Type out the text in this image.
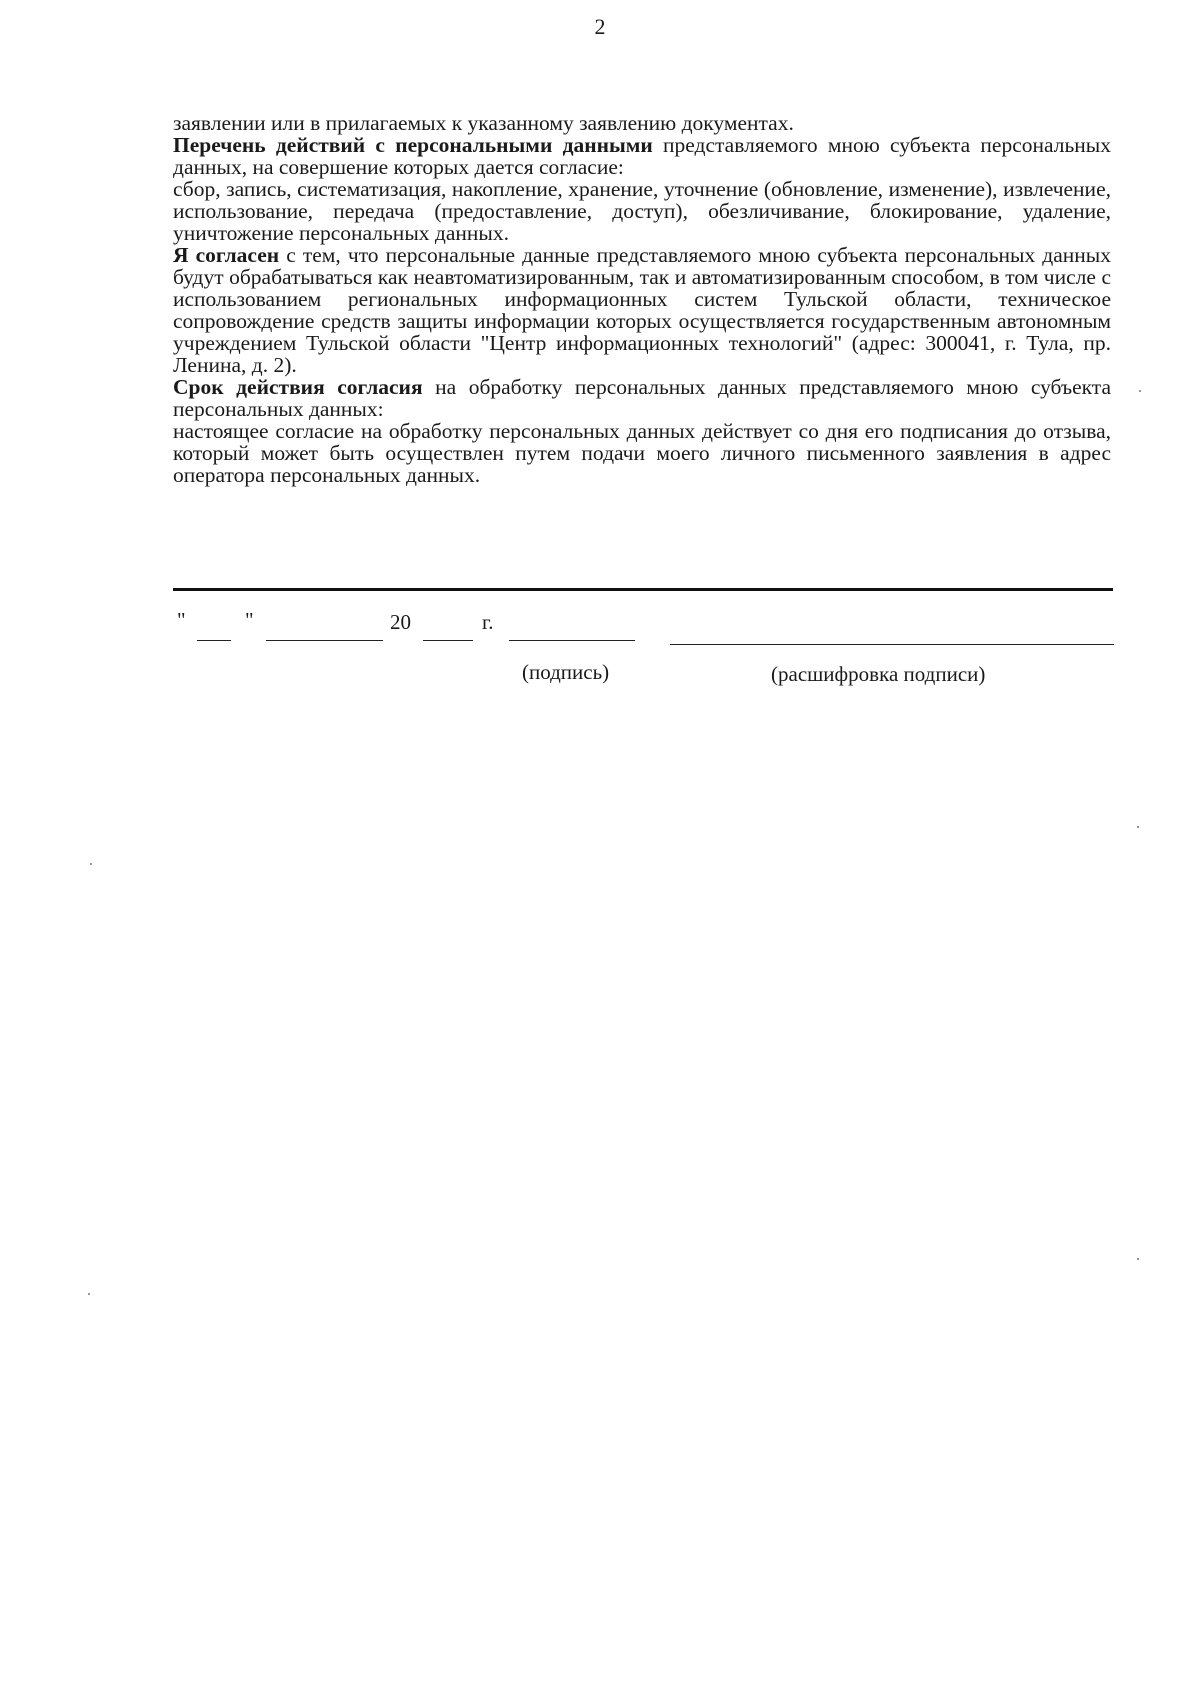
2

заявлении или в прилагаемых к указанному заявлению документах.

Перечень действий с персональными данными представляемого мною субъекта персональных данных, на совершение которых дается согласие:

сбор, запись, систематизация, накопление, хранение, уточнение (обновление, изменение), извлечение, использование, передача (предоставление, доступ), обезличивание, блокирование, удаление, уничтожение персональных данных.

Я согласен с тем, что персональные данные представляемого мною субъекта персональных данных будут обрабатываться как неавтоматизированным, так и автоматизированным способом, в том числе с использованием региональных информационных систем Тульской области, техническое сопровождение средств защиты информации которых осуществляется государственным автономным учреждением Тульской области "Центр информационных технологий" (адрес: 300041, г. Тула, пр. Ленина, д. 2).

Срок действия согласия на обработку персональных данных представляемого мною субъекта персональных данных:

настоящее согласие на обработку персональных данных действует со дня его подписания до отзыва, который может быть осуществлен путем подачи моего личного письменного заявления в адрес оператора персональных данных.

"	"	20	г.
(подпись)	(расшифровка подписи)
